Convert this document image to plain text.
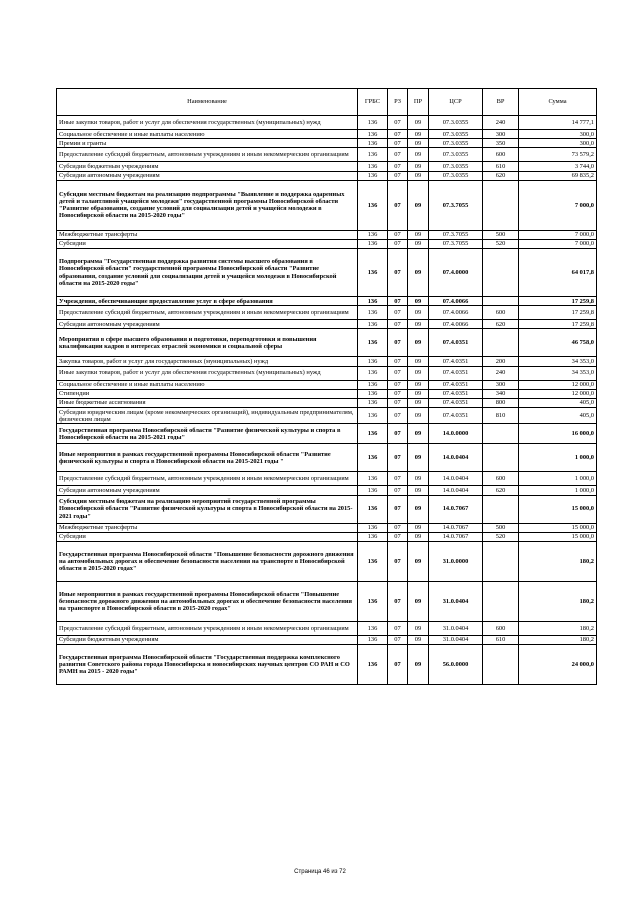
Наименование	ГРБС	РЗ	ПР	ЦСР	ВР	Сумма
Иные закупки товаров, работ и услуг для обеспечения государственных (муниципальных) нужд	136	07	09	07.3.0355	240	14 777,1
Социальное обеспечение и иные выплаты населению	136	07	09	07.3.0355	300	300,0
Премии и гранты	136	07	09	07.3.0355	350	300,0
Предоставление субсидий бюджетным, автономным учреждениям и иным некоммерческим организациям	136	07	09	07.3.0355	600	73 579,2
Субсидии бюджетным учреждениям	136	07	09	07.3.0355	610	3 744,0
Субсидии автономным учреждениям	136	07	09	07.3.0355	620	69 835,2
Субсидии местным бюджетам на реализацию подпрограммы "Выявление и поддержка одаренных детей и талантливой учащейся молодежи" государственной программы Новосибирской области "Развитие образования, создание условий для социализации детей и учащейся молодежи в Новосибирской области на 2015-2020 годы"	136	07	09	07.3.7055		7 000,0
Межбюджетные трансферты	136	07	09	07.3.7055	500	7 000,0
Субсидии	136	07	09	07.3.7055	520	7 000,0
Подпрограмма "Государственная поддержка развития системы высшего образования в Новосибирской области" государственной программы Новосибирской области "Развитие образования, создание условий для социализации детей и учащейся молодежи в Новосибирской области на 2015-2020 годы"	136	07	09	07.4.0000		64 017,8
Учреждения, обеспечивающие предоставление услуг в сфере образования	136	07	09	07.4.0066		17 259,8
Предоставление субсидий бюджетным, автономным учреждениям и иным некоммерческим организациям	136	07	09	07.4.0066	600	17 259,8
Субсидии автономным учреждениям	136	07	09	07.4.0066	620	17 259,8
Мероприятия в сфере высшего образования и подготовки, переподготовки и повышения квалификации кадров в интересах отраслей экономики и социальной сферы	136	07	09	07.4.0351		46 758,0
Закупка товаров, работ и услуг для государственных (муниципальных) нужд	136	07	09	07.4.0351	200	34 353,0
Иные закупки товаров, работ и услуг для обеспечения государственных (муниципальных) нужд	136	07	09	07.4.0351	240	34 353,0
Социальное обеспечение и иные выплаты населению	136	07	09	07.4.0351	300	12 000,0
Стипендии	136	07	09	07.4.0351	340	12 000,0
Иные бюджетные ассигнования	136	07	09	07.4.0351	800	405,0
Субсидии юридическим лицам (кроме некоммерческих организаций), индивидуальным предпринимателям, физическим лицам	136	07	09	07.4.0351	810	405,0
Государственная программа Новосибирской области "Развитие физической культуры и спорта в Новосибирской области на 2015-2021 годы"	136	07	09	14.0.0000		16 000,0
Иные мероприятия в рамках государственной программы Новосибирской области "Развитие физической культуры и спорта в Новосибирской области на 2015-2021 годы "	136	07	09	14.0.0404		1 000,0
Предоставление субсидий бюджетным, автономным учреждениям и иным некоммерческим организациям	136	07	09	14.0.0404	600	1 000,0
Субсидии автономным учреждениям	136	07	09	14.0.0404	620	1 000,0
Субсидии местным бюджетам на реализацию мероприятий государственной программы Новосибирской области "Развитие физической культуры и спорта в Новосибирской области на 2015-2021 годы"	136	07	09	14.0.7067		15 000,0
Межбюджетные трансферты	136	07	09	14.0.7067	500	15 000,0
Субсидии	136	07	09	14.0.7067	520	15 000,0
Государственная программа Новосибирской области "Повышение безопасности дорожного движения на автомобильных дорогах и обеспечение безопасности населения на транспорте в Новосибирской области в 2015-2020 годах"	136	07	09	31.0.0000		180,2
Иные мероприятия в рамках государственной программы Новосибирской области "Повышение безопасности дорожного движения на автомобильных дорогах и обеспечение безопасности населения на транспорте в Новосибирской области в 2015-2020 годах"	136	07	09	31.0.0404		180,2
Предоставление субсидий бюджетным, автономным учреждениям и иным некоммерческим организациям	136	07	09	31.0.0404	600	180,2
Субсидии бюджетным учреждениям	136	07	09	31.0.0404	610	180,2
Государственная программа Новосибирской области "Государственная поддержка комплексного развития Советского района города Новосибирска и новосибирских научных центров СО РАН и СО РАМН на 2015 - 2020 годы"	136	07	09	56.0.0000		24 000,0
Страница 46 из 72
